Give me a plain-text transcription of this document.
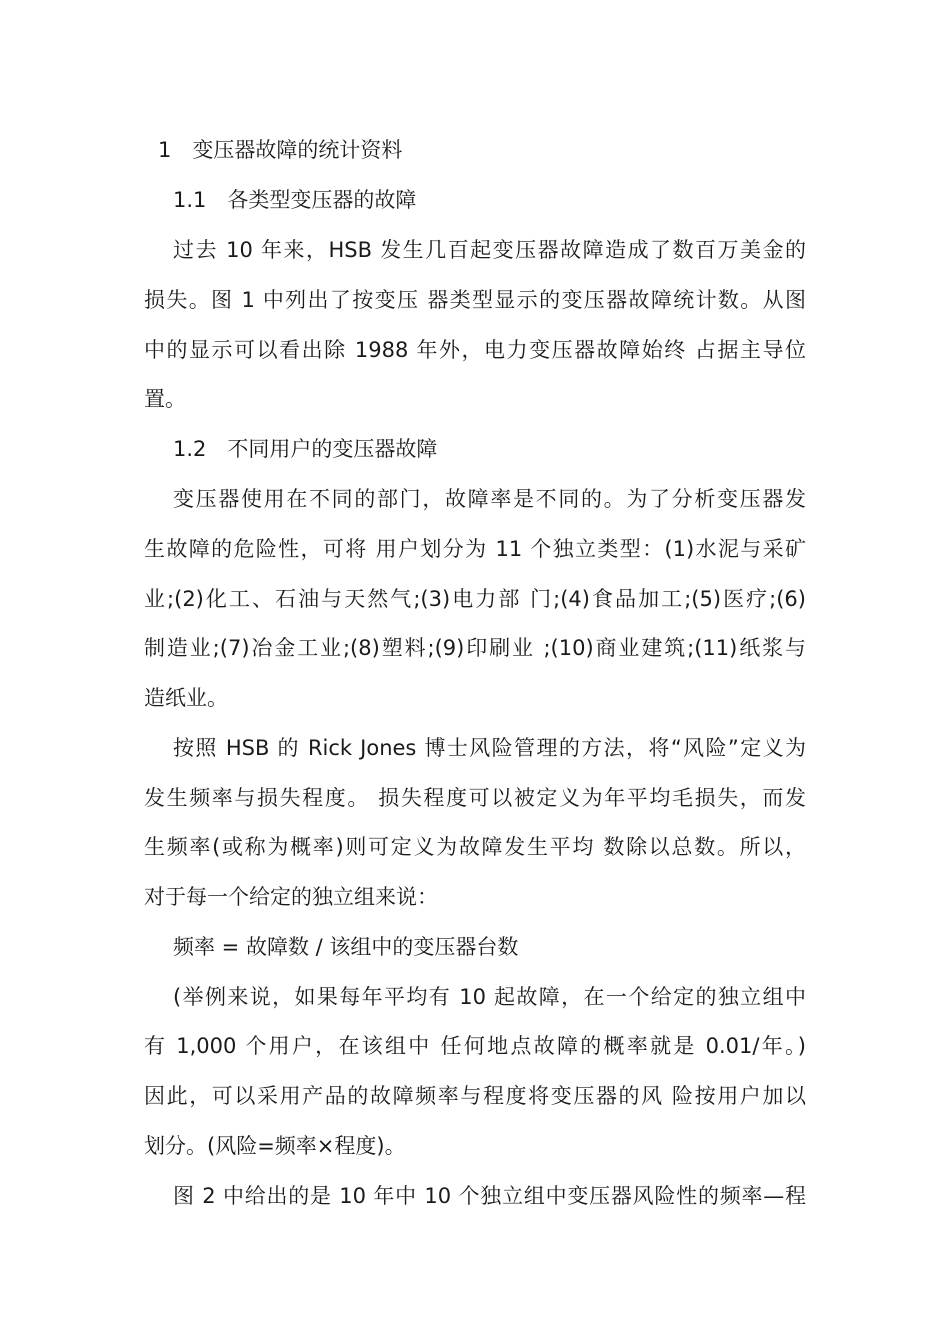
1　变压器故障的统计资料
1.1　各类型变压器的故障
过去 10 年来，HSB 发生几百起变压器故障造成了数百万美金的
损失。图 1 中列出了按变压 器类型显示的变压器故障统计数。从图
中的显示可以看出除 1988 年外，电力变压器故障始终 占据主导位
置。
1.2　不同用户的变压器故障
变压器使用在不同的部门，故障率是不同的。为了分析变压器发
生故障的危险性，可将 用户划分为 11 个独立类型：(1)水泥与采矿
业;(2)化工、石油与天然气;(3)电力部 门;(4)食品加工;(5)医疗;(6)
制造业;(7)冶金工业;(8)塑料;(9)印刷业 ;(10)商业建筑;(11)纸浆与
造纸业。
按照 HSB 的 Rick Jones 博士风险管理的方法，将“风险”定义为
发生频率与损失程度。 损失程度可以被定义为年平均毛损失，而发
生频率(或称为概率)则可定义为故障发生平均 数除以总数。所以，
对于每一个给定的独立组来说：
频率 = 故障数 / 该组中的变压器台数
(举例来说，如果每年平均有 10 起故障，在一个给定的独立组中
有 1,000 个用户，在该组中 任何地点故障的概率就是 0.01/年。)
因此，可以采用产品的故障频率与程度将变压器的风 险按用户加以
划分。(风险=频率×程度)。
图 2 中给出的是 10 年中 10 个独立组中变压器风险性的频率—程
